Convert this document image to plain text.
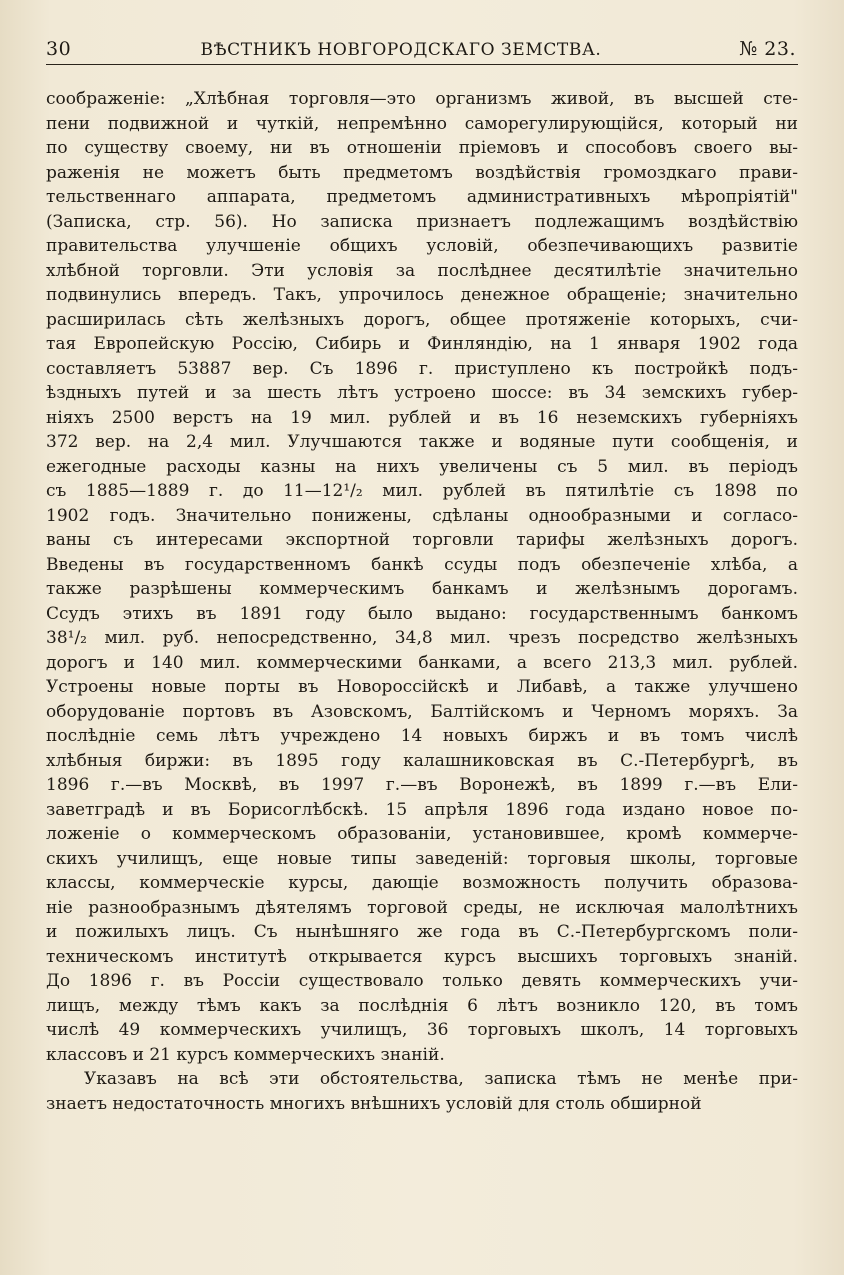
30	ВѢСТНИКЪ НОВГОРОДСКАГО ЗЕМСТВА.	№ 23.
соображеніе: „Хлѣбная торговля—это организмъ живой, въ высшей сте-
пени подвижной и чуткій, непремѣнно саморегулирующійся, который ни
по существу своему, ни въ отношеніи пріемовъ и способовъ своего вы-
раженія не можетъ быть предметомъ воздѣйствія громоздкаго прави-
тельственнаго аппарата, предметомъ административныхъ мѣропріятій"
(Записка, стр. 56). Но записка признаетъ подлежащимъ воздѣйствію
правительства улучшеніе общихъ условій, обезпечивающихъ развитіе
хлѣбной торговли. Эти условія за послѣднее десятилѣтіе значительно
подвинулись впередъ. Такъ, упрочилось денежное обращеніе; значительно
расширилась сѣть желѣзныхъ дорогъ, общее протяженіе которыхъ, счи-
тая Европейскую Россію, Сибирь и Финляндію, на 1 января 1902 года
составляетъ 53887 вер. Съ 1896 г. приступлено къ постройкѣ подъ-
ѣздныхъ путей и за шесть лѣтъ устроено шоссе: въ 34 земскихъ губер-
ніяхъ 2500 верстъ на 19 мил. рублей и въ 16 неземскихъ губерніяхъ
372 вер. на 2,4 мил. Улучшаются также и водяные пути сообщенія, и
ежегодные расходы казны на нихъ увеличены съ 5 мил. въ періодъ
съ 1885—1889 г. до 11—12¹/₂ мил. рублей въ пятилѣтіе съ 1898 по
1902 годъ. Значительно понижены, сдѣланы однообразными и согласо-
ваны съ интересами экспортной торговли тарифы желѣзныхъ дорогъ.
Введены въ государственномъ банкѣ ссуды подъ обезпеченіе хлѣба, а
также разрѣшены коммерческимъ банкамъ и желѣзнымъ дорогамъ.
Ссудъ этихъ въ 1891 году было выдано: государственнымъ банкомъ
38¹/₂ мил. руб. непосредственно, 34,8 мил. чрезъ посредство желѣзныхъ
дорогъ и 140 мил. коммерческими банками, а всего 213,3 мил. рублей.
Устроены новые порты въ Новороссійскѣ и Либавѣ, а также улучшено
оборудованіе портовъ въ Азовскомъ, Балтійскомъ и Черномъ моряхъ. За
послѣдніе семь лѣтъ учреждено 14 новыхъ биржъ и въ томъ числѣ
хлѣбныя биржи: въ 1895 году калашниковская въ С.-Петербургѣ, въ
1896 г.—въ Москвѣ, въ 1997 г.—въ Воронежѣ, въ 1899 г.—въ Ели-
заветградѣ и въ Борисоглѣбскѣ. 15 апрѣля 1896 года издано новое по-
ложеніе о коммерческомъ образованіи, установившее, кромѣ коммерче-
скихъ училищъ, еще новые типы заведеній: торговыя школы, торговые
классы, коммерческіе курсы, дающіе возможность получить образова-
ніе разнообразнымъ дѣятелямъ торговой среды, не исключая малолѣтнихъ
и пожилыхъ лицъ. Съ нынѣшняго же года въ С.-Петербургскомъ поли-
техническомъ институтѣ открывается курсъ высшихъ торговыхъ знаній.
До 1896 г. въ Россіи существовало только девять коммерческихъ учи-
лищъ, между тѣмъ какъ за послѣднія 6 лѣтъ возникло 120, въ томъ
числѣ 49 коммерческихъ училищъ, 36 торговыхъ школъ, 14 торговыхъ
классовъ и 21 курсъ коммерческихъ знаній.
Указавъ на всѣ эти обстоятельства, записка тѣмъ не менѣе при-
знаетъ недостаточность многихъ внѣшнихъ условій для столь обширной
